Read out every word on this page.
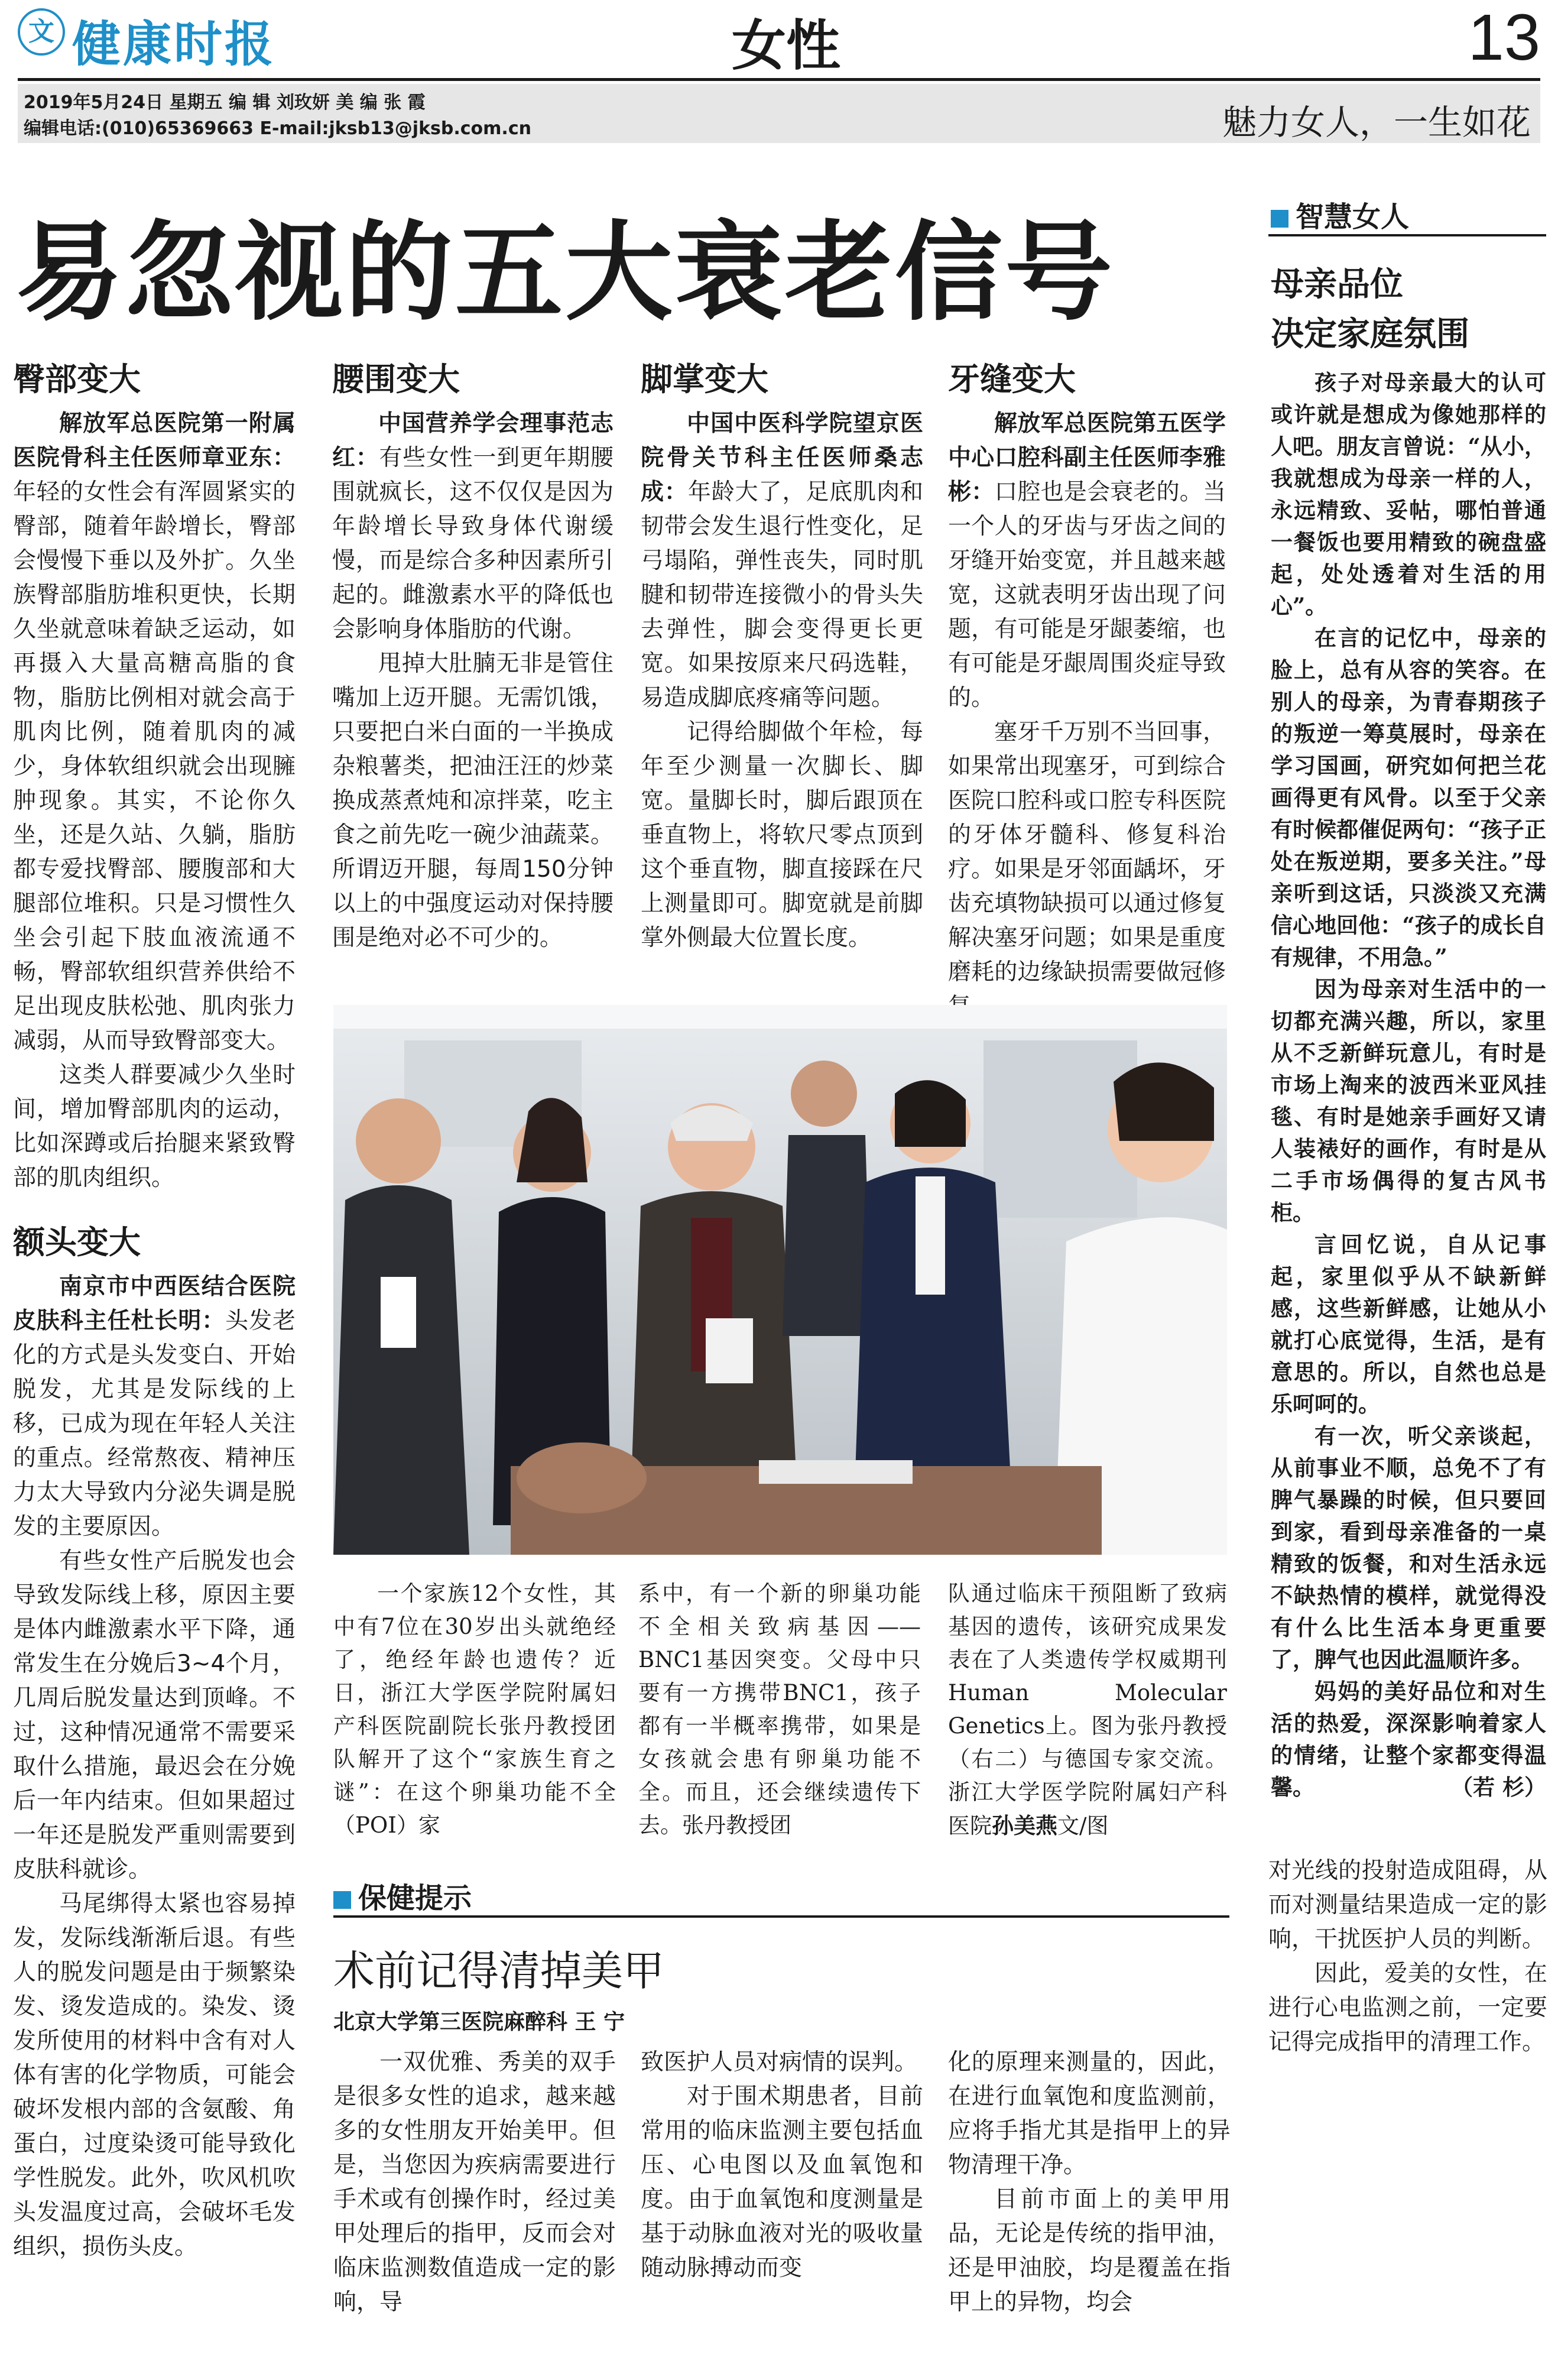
文 健康时报	女性	13
2019年5月24日 星期五 编 辑 刘玫妍 美 编 张 霞
编辑电话:(010)65369663 E-mail:jksb13@jksb.com.cn	魅力女人，一生如花
易忽视的五大衰老信号
臀部变大

解放军总医院第一附属医院骨科主任医师章亚东：年轻的女性会有浑圆紧实的臀部，随着年龄增长，臀部会慢慢下垂以及外扩。久坐族臀部脂肪堆积更快，长期久坐就意味着缺乏运动，如再摄入大量高糖高脂的食物，脂肪比例相对就会高于肌肉比例，随着肌肉的减少，身体软组织就会出现臃肿现象。其实，不论你久坐，还是久站、久躺，脂肪都专爱找臀部、腰腹部和大腿部位堆积。只是习惯性久坐会引起下肢血液流通不畅，臀部软组织营养供给不足出现皮肤松弛、肌肉张力减弱，从而导致臀部变大。

这类人群要减少久坐时间，增加臀部肌肉的运动，比如深蹲或后抬腿来紧致臀部的肌肉组织。

额头变大

南京市中西医结合医院皮肤科主任杜长明：头发老化的方式是头发变白、开始脱发，尤其是发际线的上移，已成为现在年轻人关注的重点。经常熬夜、精神压力太大导致内分泌失调是脱发的主要原因。

有些女性产后脱发也会导致发际线上移，原因主要是体内雌激素水平下降，通常发生在分娩后3~4个月，几周后脱发量达到顶峰。不过，这种情况通常不需要采取什么措施，最迟会在分娩后一年内结束。但如果超过一年还是脱发严重则需要到皮肤科就诊。

马尾绑得太紧也容易掉发，发际线渐渐后退。有些人的脱发问题是由于频繁染发、烫发造成的。染发、烫发所使用的材料中含有对人体有害的化学物质，可能会破坏发根内部的含氨酸、角蛋白，过度染烫可能导致化学性脱发。此外，吹风机吹头发温度过高，会破坏毛发组织，损伤头皮。

腰围变大

中国营养学会理事范志红：有些女性一到更年期腰围就疯长，这不仅仅是因为年龄增长导致身体代谢缓慢，而是综合多种因素所引起的。雌激素水平的降低也会影响身体脂肪的代谢。

甩掉大肚腩无非是管住嘴加上迈开腿。无需饥饿，只要把白米白面的一半换成杂粮薯类，把油汪汪的炒菜换成蒸煮炖和凉拌菜，吃主食之前先吃一碗少油蔬菜。所谓迈开腿，每周150分钟以上的中强度运动对保持腰围是绝对必不可少的。

脚掌变大

中国中医科学院望京医院骨关节科主任医师桑志成：年龄大了，足底肌肉和韧带会发生退行性变化，足弓塌陷，弹性丧失，同时肌腱和韧带连接微小的骨头失去弹性，脚会变得更长更宽。如果按原来尺码选鞋，易造成脚底疼痛等问题。

记得给脚做个年检，每年至少测量一次脚长、脚宽。量脚长时，脚后跟顶在垂直物上，将软尺零点顶到这个垂直物，脚直接踩在尺上测量即可。脚宽就是前脚掌外侧最大位置长度。

牙缝变大

解放军总医院第五医学中心口腔科副主任医师李雅彬：口腔也是会衰老的。当一个人的牙齿与牙齿之间的牙缝开始变宽，并且越来越宽，这就表明牙齿出现了问题，有可能是牙龈萎缩，也有可能是牙龈周围炎症导致的。

塞牙千万别不当回事，如果常出现塞牙，可到综合医院口腔科或口腔专科医院的牙体牙髓科、修复科治疗。如果是牙邻面龋坏，牙齿充填物缺损可以通过修复解决塞牙问题；如果是重度磨耗的边缘缺损需要做冠修

一个家族12个女性，其中有7位在30岁出头就绝经了，绝经年龄也遗传？近日，浙江大学医学院附属妇产科医院副院长张丹教授团队解开了这个“家族生育之谜”：在这个卵巢功能不全（POI）家

系中，有一个新的卵巢功能不全相关致病基因——BNC1基因突变。父母中只要有一方携带BNC1，孩子都有一半概率携带，如果是女孩就会患有卵巢功能不全。而且，还会继续遗传下去。张丹教授团

队通过临床干预阻断了致病基因的遗传，该研究成果发表在了人类遗传学权威期刊Human Molecular Genetics上。图为张丹教授（右二）与德国专家交流。浙江大学医学院附属妇产科医院孙美燕文/图

保健提示
术前记得清掉美甲
北京大学第三医院麻醉科 王 宁

一双优雅、秀美的双手是很多女性的追求，越来越多的女性朋友开始美甲。但是，当您因为疾病需要进行手术或有创操作时，经过美甲处理后的指甲，反而会对临床监测数值造成一定的影响，导

致医护人员对病情的误判。

对于围术期患者，目前常用的临床监测主要包括血压、心电图以及血氧饱和度。由于血氧饱和度测量是基于动脉血液对光的吸收量随动脉搏动而变

化的原理来测量的，因此，在进行血氧饱和度监测前，应将手指尤其是指甲上的异物清理干净。

目前市面上的美甲用品，无论是传统的指甲油，还是甲油胶，均是覆盖在指甲上的异物，均会

对光线的投射造成阻碍，从而对测量结果造成一定的影响，干扰医护人员的判断。

因此，爱美的女性，在进行心电监测之前，一定要记得完成指甲的清理工作。

智慧女人
母亲品位
决定家庭氛围

孩子对母亲最大的认可或许就是想成为像她那样的人吧。朋友言曾说：“从小，我就想成为母亲一样的人，永远精致、妥帖，哪怕普通一餐饭也要用精致的碗盘盛起，处处透着对生活的用心”。

在言的记忆中，母亲的脸上，总有从容的笑容。在别人的母亲，为青春期孩子的叛逆一筹莫展时，母亲在学习国画，研究如何把兰花画得更有风骨。以至于父亲有时候都催促两句：“孩子正处在叛逆期，要多关注。”母亲听到这话，只淡淡又充满信心地回他：“孩子的成长自有规律，不用急。”

因为母亲对生活中的一切都充满兴趣，所以，家里从不乏新鲜玩意儿，有时是市场上淘来的波西米亚风挂毯、有时是她亲手画好又请人装裱好的画作，有时是从二手市场偶得的复古风书柜。

言回忆说，自从记事起，家里似乎从不缺新鲜感，这些新鲜感，让她从小就打心底觉得，生活，是有意思的。所以，自然也总是乐呵呵的。

有一次，听父亲谈起，从前事业不顺，总免不了有脾气暴躁的时候，但只要回到家，看到母亲准备的一桌精致的饭餐，和对生活永远不缺热情的模样，就觉得没有什么比生活本身更重要了，脾气也因此温顺许多。

妈妈的美好品位和对生活的热爱，深深影响着家人的情绪，让整个家都变得温馨。	（若 杉）
